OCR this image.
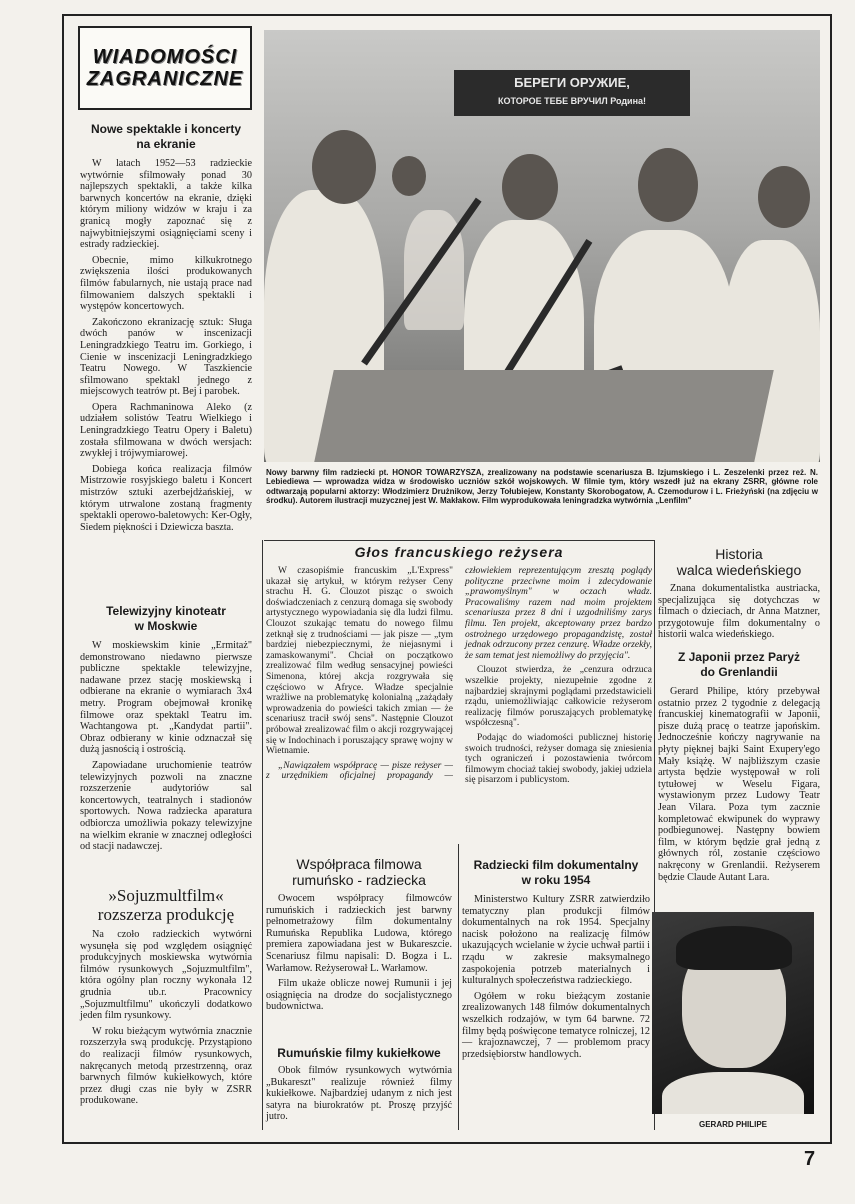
WIADOMOŚCI
ZAGRANICZNE	БЕРЕГИ ОРУЖИЕ,
КОТОРОЕ ТЕБЕ ВРУЧИЛ Родина!
Nowy barwny film radziecki pt. HONOR TOWARZYSZA, zrealizowany na podstawie scenariusza B. Izjumskiego i L. Zeszelenki przez reż. N. Lebiediewa — wprowadza widza w środowisko uczniów szkół wojskowych. W filmie tym, który wszedł już na ekrany ZSRR, główne role odtwarzają popularni aktorzy: Włodzimierz Drużnikow, Jerzy Tołubiejew, Konstanty Skorobogatow, A. Czemodurow i L. Frieżyński (na zdjęciu w środku). Autorem ilustracji muzycznej jest W. Makłakow. Film wyprodukowała leningradzka wytwórnia „Lenfilm"
Nowe spektakle i koncerty
na ekranie

W latach 1952—53 radzieckie wytwórnie sfilmowały ponad 30 najlepszych spektakli, a także kilka barwnych koncertów na ekranie, dzięki którym miliony widzów w kraju i za granicą mogły zapoznać się z najwybitniejszymi osiągnięciami sceny i estrady radzieckiej.

Obecnie, mimo kilkukrotnego zwiększenia ilości produkowanych filmów fabularnych, nie ustają prace nad filmowaniem dalszych spektakli i występów koncertowych.

Zakończono ekranizację sztuk: Sługa dwóch panów w inscenizacji Leningradzkiego Teatru im. Gorkiego, i Cienie w inscenizacji Leningradzkiego Teatru Nowego. W Taszkiencie sfilmowano spektakl jednego z miejscowych teatrów pt. Bej i parobek.

Opera Rachmaninowa Aleko (z udziałem solistów Teatru Wielkiego i Leningradzkiego Teatru Opery i Baletu) została sfilmowana w dwóch wersjach: zwykłej i trójwymiarowej.

Dobiega końca realizacja filmów Mistrzowie rosyjskiego baletu i Koncert mistrzów sztuki azerbejdżańskiej, w którym utrwalone zostaną fragmenty spektakli operowo-baletowych: Ker-Ogły, Siedem piękności i Dziewicza baszta.

Telewizyjny kinoteatr
w Moskwie

W moskiewskim kinie „Ermitaż" demonstrowano niedawno pierwsze publiczne spektakle telewizyjne, nadawane przez stację moskiewską i odbierane na ekranie o wymiarach 3x4 metry. Program obejmował kronikę filmowe oraz spektakl Teatru im. Wachtangowa pt. „Kandydat partii". Obraz odbierany w kinie odznaczał się dużą jasnością i ostrością.

Zapowiadane uruchomienie teatrów telewizyjnych pozwoli na znaczne rozszerzenie audytoriów sal koncertowych, teatralnych i stadionów sportowych. Nowa radziecka aparatura odbiorcza umożliwia pokazy telewizyjne na wielkim ekranie w znacznej odległości od stacji nadawczej.

»Sojuzmultfilm«
rozszerza produkcję

Na czoło radzieckich wytwórni wysunęła się pod względem osiągnięć produkcyjnych moskiewska wytwórnia filmów rysunkowych „Sojuzmultfilm", która ogólny plan roczny wykonała 12 grudnia ub.r. Pracownicy „Sojuzmultfilmu" ukończyli dodatkowo jeden film rysunkowy.

W roku bieżącym wytwórnia znacznie rozszerzyła swą produkcję. Przystąpiono do realizacji filmów rysunkowych, nakręcanych metodą przestrzenną, oraz barwnych filmów kukiełkowych, które przez długi czas nie były w ZSRR produkowane.

Głos francuskiego reżysera

W czasopiśmie francuskim „L'Express" ukazał się artykuł, w którym reżyser Ceny strachu H. G. Clouzot pisząc o swoich doświadczeniach z cenzurą domaga się swobody artystycznego wypowiadania się dla ludzi filmu. Clouzot szukając tematu do nowego filmu zetknął się z trudnościami — jak pisze — „tym bardziej niebezpiecznymi, że niejasnymi i zamaskowanymi". Chciał on początkowo zrealizować film według sensacyjnej powieści Simenona, której akcja rozgrywała się częściowo w Afryce. Władze specjalnie wrażliwe na problematykę kolonialną „zażądały wprowadzenia do powieści takich zmian — że scenariusz tracił swój sens". Następnie Clouzot próbował zrealizować film o akcji rozgrywającej się w Indochinach i poruszający sprawę wojny w Wietnamie.

„Nawiązałem współpracę — pisze reżyser — z urzędnikiem oficjalnej propagandy — człowiekiem reprezentującym zresztą poglądy polityczne przeciwne moim i zdecydowanie „prawomyślnym" w oczach władz. Pracowaliśmy razem nad moim projektem scenariusza przez 8 dni i uzgodniliśmy zarys filmu. Ten projekt, akceptowany przez bardzo ostrożnego urzędowego propagandzistę, został jednak odrzucony przez cenzurę. Władze orzekły, że sam temat jest niemożliwy do przyjęcia".

Clouzot stwierdza, że „cenzura odrzuca wszelkie projekty, niezupełnie zgodne z najbardziej skrajnymi poglądami przedstawicieli rządu, uniemożliwiając całkowicie reżyserom realizację filmów poruszających problematykę współczesną".

Podając do wiadomości publicznej historię swoich trudności, reżyser domaga się zniesienia tych ograniczeń i pozostawienia twórcom filmowym chociaż takiej swobody, jakiej udziela się pisarzom i publicystom.

Współpraca filmowa
rumuńsko - radziecka

Owocem współpracy filmowców rumuńskich i radzieckich jest barwny pełnometrażowy film dokumentalny Rumuńska Republika Ludowa, którego premiera zapowiadana jest w Bukareszcie. Scenariusz filmu napisali: D. Bogza i L. Warłamow. Reżyserował L. Warłamow.

Film ukaże oblicze nowej Rumunii i jej osiągnięcia na drodze do socjalistycznego budownictwa.

Rumuńskie filmy kukiełkowe

Obok filmów rysunkowych wytwórnia „Bukareszt" realizuje również filmy kukiełkowe. Najbardziej udanym z nich jest satyra na biurokratów pt. Proszę przyjść jutro.

Radziecki film dokumentalny
w roku 1954

Ministerstwo Kultury ZSRR zatwierdziło tematyczny plan produkcji filmów dokumentalnych na rok 1954. Specjalny nacisk położono na realizację filmów ukazujących wcielanie w życie uchwał partii i rządu w zakresie maksymalnego zaspokojenia potrzeb materialnych i kulturalnych społeczeństwa radzieckiego.

Ogółem w roku bieżącym zostanie zrealizowanych 148 filmów dokumentalnych wszelkich rodzajów, w tym 64 barwne. 72 filmy będą poświęcone tematyce rolniczej, 12 — krajoznawczej, 7 — problemom pracy przedsiębiorstw handlowych.

Historia
walca wiedeńskiego

Znana dokumentalistka austriacka, specjalizująca się dotychczas w filmach o dzieciach, dr Anna Matzner, przygotowuje film dokumentalny o historii walca wiedeńskiego.

Z Japonii przez Paryż
do Grenlandii

Gerard Philipe, który przebywał ostatnio przez 2 tygodnie z delegacją francuskiej kinematografii w Japonii, pisze dużą pracę o teatrze japońskim. Jednocześnie kończy nagrywanie na płyty pięknej bajki Saint Exupery'ego Mały książę. W najbliższym czasie artysta będzie występował w roli tytułowej w Weselu Figara, wystawionym przez Ludowy Teatr Jean Vilara. Poza tym zacznie kompletować ekwipunek do wyprawy podbiegunowej. Następny bowiem film, w którym będzie grał jedną z głównych ról, zostanie częściowo nakręcony w Grenlandii. Reżyserem będzie Claude Autant Lara.

GERARD PHILIPE
7
